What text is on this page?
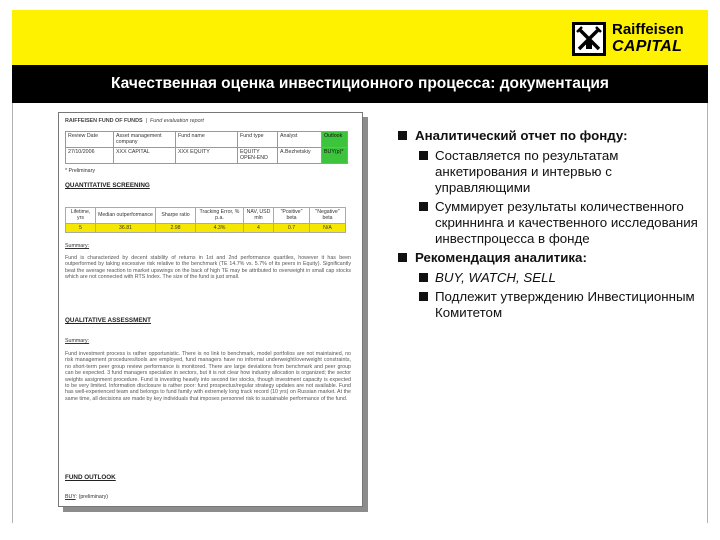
Raiffeisen
CAPITAL
Качественная оценка инвестиционного процесса: документация
RAIFFEISEN FUND OF FUNDS  |  Fund evaluation report
Review Date	Asset management company	Fund name	Fund type	Analyst	Outlook
27/10/2006	XXX CAPITAL	XXX EQUITY	EQUITY OPEN-END	A.Bezhetskiy	BUY(p)*
* Preliminary
QUANTITATIVE SCREENING
Lifetime, yrs	Median outperformance	Sharpe ratio	Tracking Error, % p.a.	NAV, USD mln	"Positive" beta	"Negative" beta
5	36.81	2.98	4.3%	4	0.7	N/A
Summary:
Fund is characterized by decent stability of returns in 1st and 2nd performance quartiles, however it has been outperformed by taking excessive risk relative to the benchmark (TE 14.7% vs. 5.7% of its peers in Equity). Significantly beat the average reaction to market upswings on the back of high TE may be attributed to overweight in small cap stocks which are not connected with RTS Index. The size of the fund is just small.
QUALITATIVE ASSESSMENT
Summary:
Fund investment process is rather opportunistic. There is no link to benchmark, model portfolios are not maintained, no risk management procedures/tools are employed, fund managers have no informal underweight/overweight constraints, no short-term peer group review performance is monitored. There are large deviations from benchmark and peer group can be expected. 3 fund managers specialize in sectors, but it is not clear how industry allocation is organized; the sector weights assignment procedure. Fund is investing heavily into second tier stocks, though investment capacity is expected to be very limited. Information disclosure is rather poor: fund prospectus/regular strategy updates are not available. Fund has well-experienced team and belongs to fund family with extremely long track record (10 yrs) on Russian market. At the same time, all decisions are made by key individuals that imposes personnel risk to sustainable performance of the fund.
FUND OUTLOOK
BUY: (preliminary)
Аналитический отчет по фонду:
Составляется по результатам анкетирования и интервью с управляющими
Суммирует результаты количественного скриннинга и качественного исследования инвестпроцесса в фонде
Рекомендация аналитика:
BUY, WATCH, SELL
Подлежит утверждению Инвестиционным Комитетом
